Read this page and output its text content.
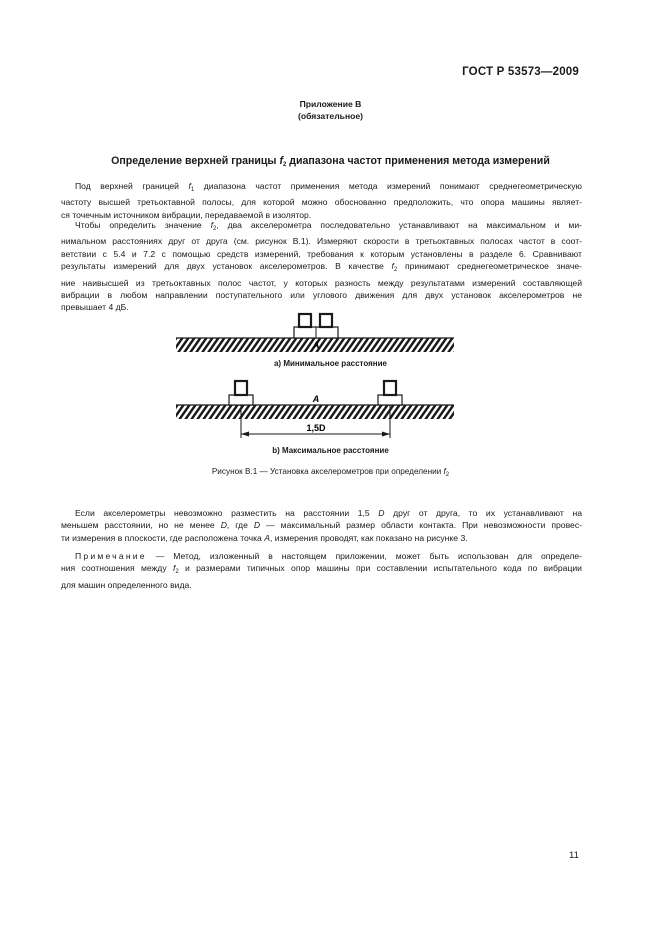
ГОСТ Р 53573—2009
Приложение В
(обязательное)
Определение верхней границы $f_2$ диапазона частот применения метода измерений
Под верхней границей $f_1$ диапазона частот применения метода измерений понимают среднегеометрическую
частоту высшей третьоктавной полосы, для которой можно обоснованно предположить, что опора машины являет-
ся точечным источником вибрации, передаваемой в изолятор.
Чтобы определить значение $f_2$, два акселерометра последовательно устанавливают на максимальном и ми-
нимальном расстояниях друг от друга (см. рисунок В.1). Измеряют скорости в третьоктавных полосах частот в соот-
ветствии с 5.4 и 7.2 с помощью средств измерений, требования к которым установлены в разделе 6. Сравнивают
результаты измерений для двух установок акселерометров. В качестве $f_2$ принимают среднегеометрическое значе-
ние наивысшей из третьоктавных полос частот, у которых разность между результатами измерений составляющей
вибрации в любом направлении поступательного или углового движения для двух установок акселерометров не
превышает 4 дБ.
A
A
1,5D
а) Минимальное расстояние
b) Максимальное расстояние
Рисунок В.1 — Установка акселерометров при определении $f_2$
Если акселерометры невозможно разместить на расстоянии 1,5 D друг от друга, то их устанавливают на
меньшем расстоянии, но не менее D, где D — максимальный размер области контакта. При невозможности провес-
ти измерения в плоскости, где расположена точка A, измерения проводят, как показано на рисунке 3.
Примечание — Метод, изложенный в настоящем приложении, может быть использован для определе-
ния соотношения между $f_2$ и размерами типичных опор машины при составлении испытательного кода по вибрации
для машин определенного вида.
11
